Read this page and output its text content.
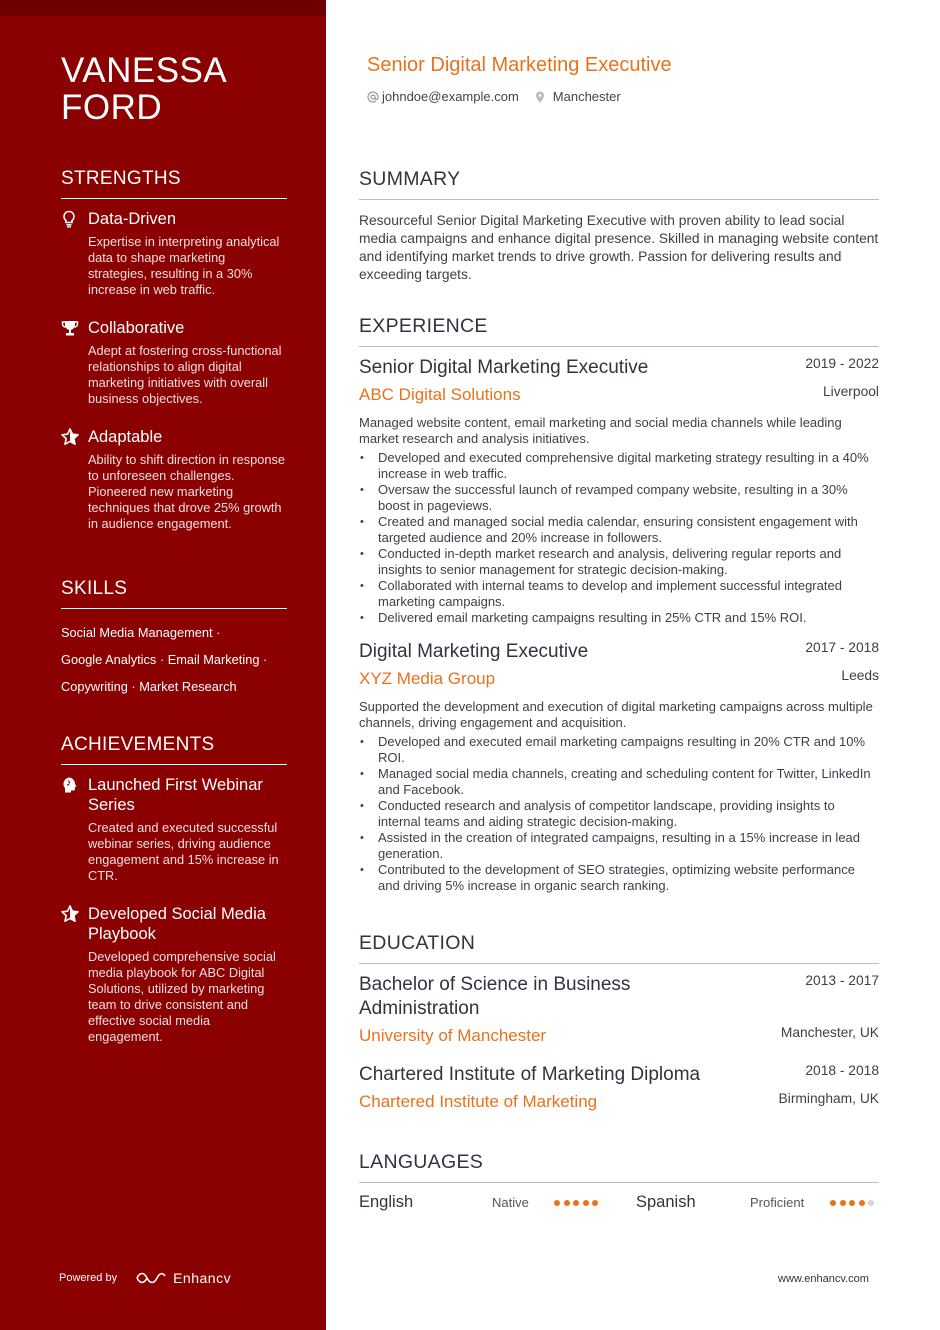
VANESSA
FORD
STRENGTHS
Data-Driven
Expertise in interpreting analytical data to shape marketing strategies, resulting in a 30% increase in web traffic.
Collaborative
Adept at fostering cross-functional relationships to align digital marketing initiatives with overall business objectives.
Adaptable
Ability to shift direction in response to unforeseen challenges. Pioneered new marketing techniques that drove 25% growth in audience engagement.
SKILLS
Social Media Management ·
Google Analytics · Email Marketing ·
Copywriting · Market Research
ACHIEVEMENTS
Launched First Webinar Series
Created and executed successful webinar series, driving audience engagement and 15% increase in CTR.
Developed Social Media Playbook
Developed comprehensive social media playbook for ABC Digital Solutions, utilized by marketing team to drive consistent and effective social media engagement.
Powered by	Enhancv
Senior Digital Marketing Executive
johndoe@example.com	Manchester
SUMMARY
Resourceful Senior Digital Marketing Executive with proven ability to lead social media campaigns and enhance digital presence. Skilled in managing website content and identifying market trends to drive growth. Passion for delivering results and exceeding targets.
EXPERIENCE
Senior Digital Marketing Executive	2019 - 2022
ABC Digital Solutions	Liverpool
Managed website content, email marketing and social media channels while leading market research and analysis initiatives.
• Developed and executed comprehensive digital marketing strategy resulting in a 40% increase in web traffic.
• Oversaw the successful launch of revamped company website, resulting in a 30% boost in pageviews.
• Created and managed social media calendar, ensuring consistent engagement with targeted audience and 20% increase in followers.
• Conducted in-depth market research and analysis, delivering regular reports and insights to senior management for strategic decision-making.
• Collaborated with internal teams to develop and implement successful integrated marketing campaigns.
• Delivered email marketing campaigns resulting in 25% CTR and 15% ROI.
Digital Marketing Executive	2017 - 2018
XYZ Media Group	Leeds
Supported the development and execution of digital marketing campaigns across multiple channels, driving engagement and acquisition.
• Developed and executed email marketing campaigns resulting in 20% CTR and 10% ROI.
• Managed social media channels, creating and scheduling content for Twitter, LinkedIn and Facebook.
• Conducted research and analysis of competitor landscape, providing insights to internal teams and aiding strategic decision-making.
• Assisted in the creation of integrated campaigns, resulting in a 15% increase in lead generation.
• Contributed to the development of SEO strategies, optimizing website performance and driving 5% increase in organic search ranking.
EDUCATION
Bachelor of Science in Business Administration
2013 - 2017
University of Manchester	Manchester, UK
Chartered Institute of Marketing Diploma	2018 - 2018
Chartered Institute of Marketing	Birmingham, UK
LANGUAGES
English	Native	Spanish	Proficient
www.enhancv.com
